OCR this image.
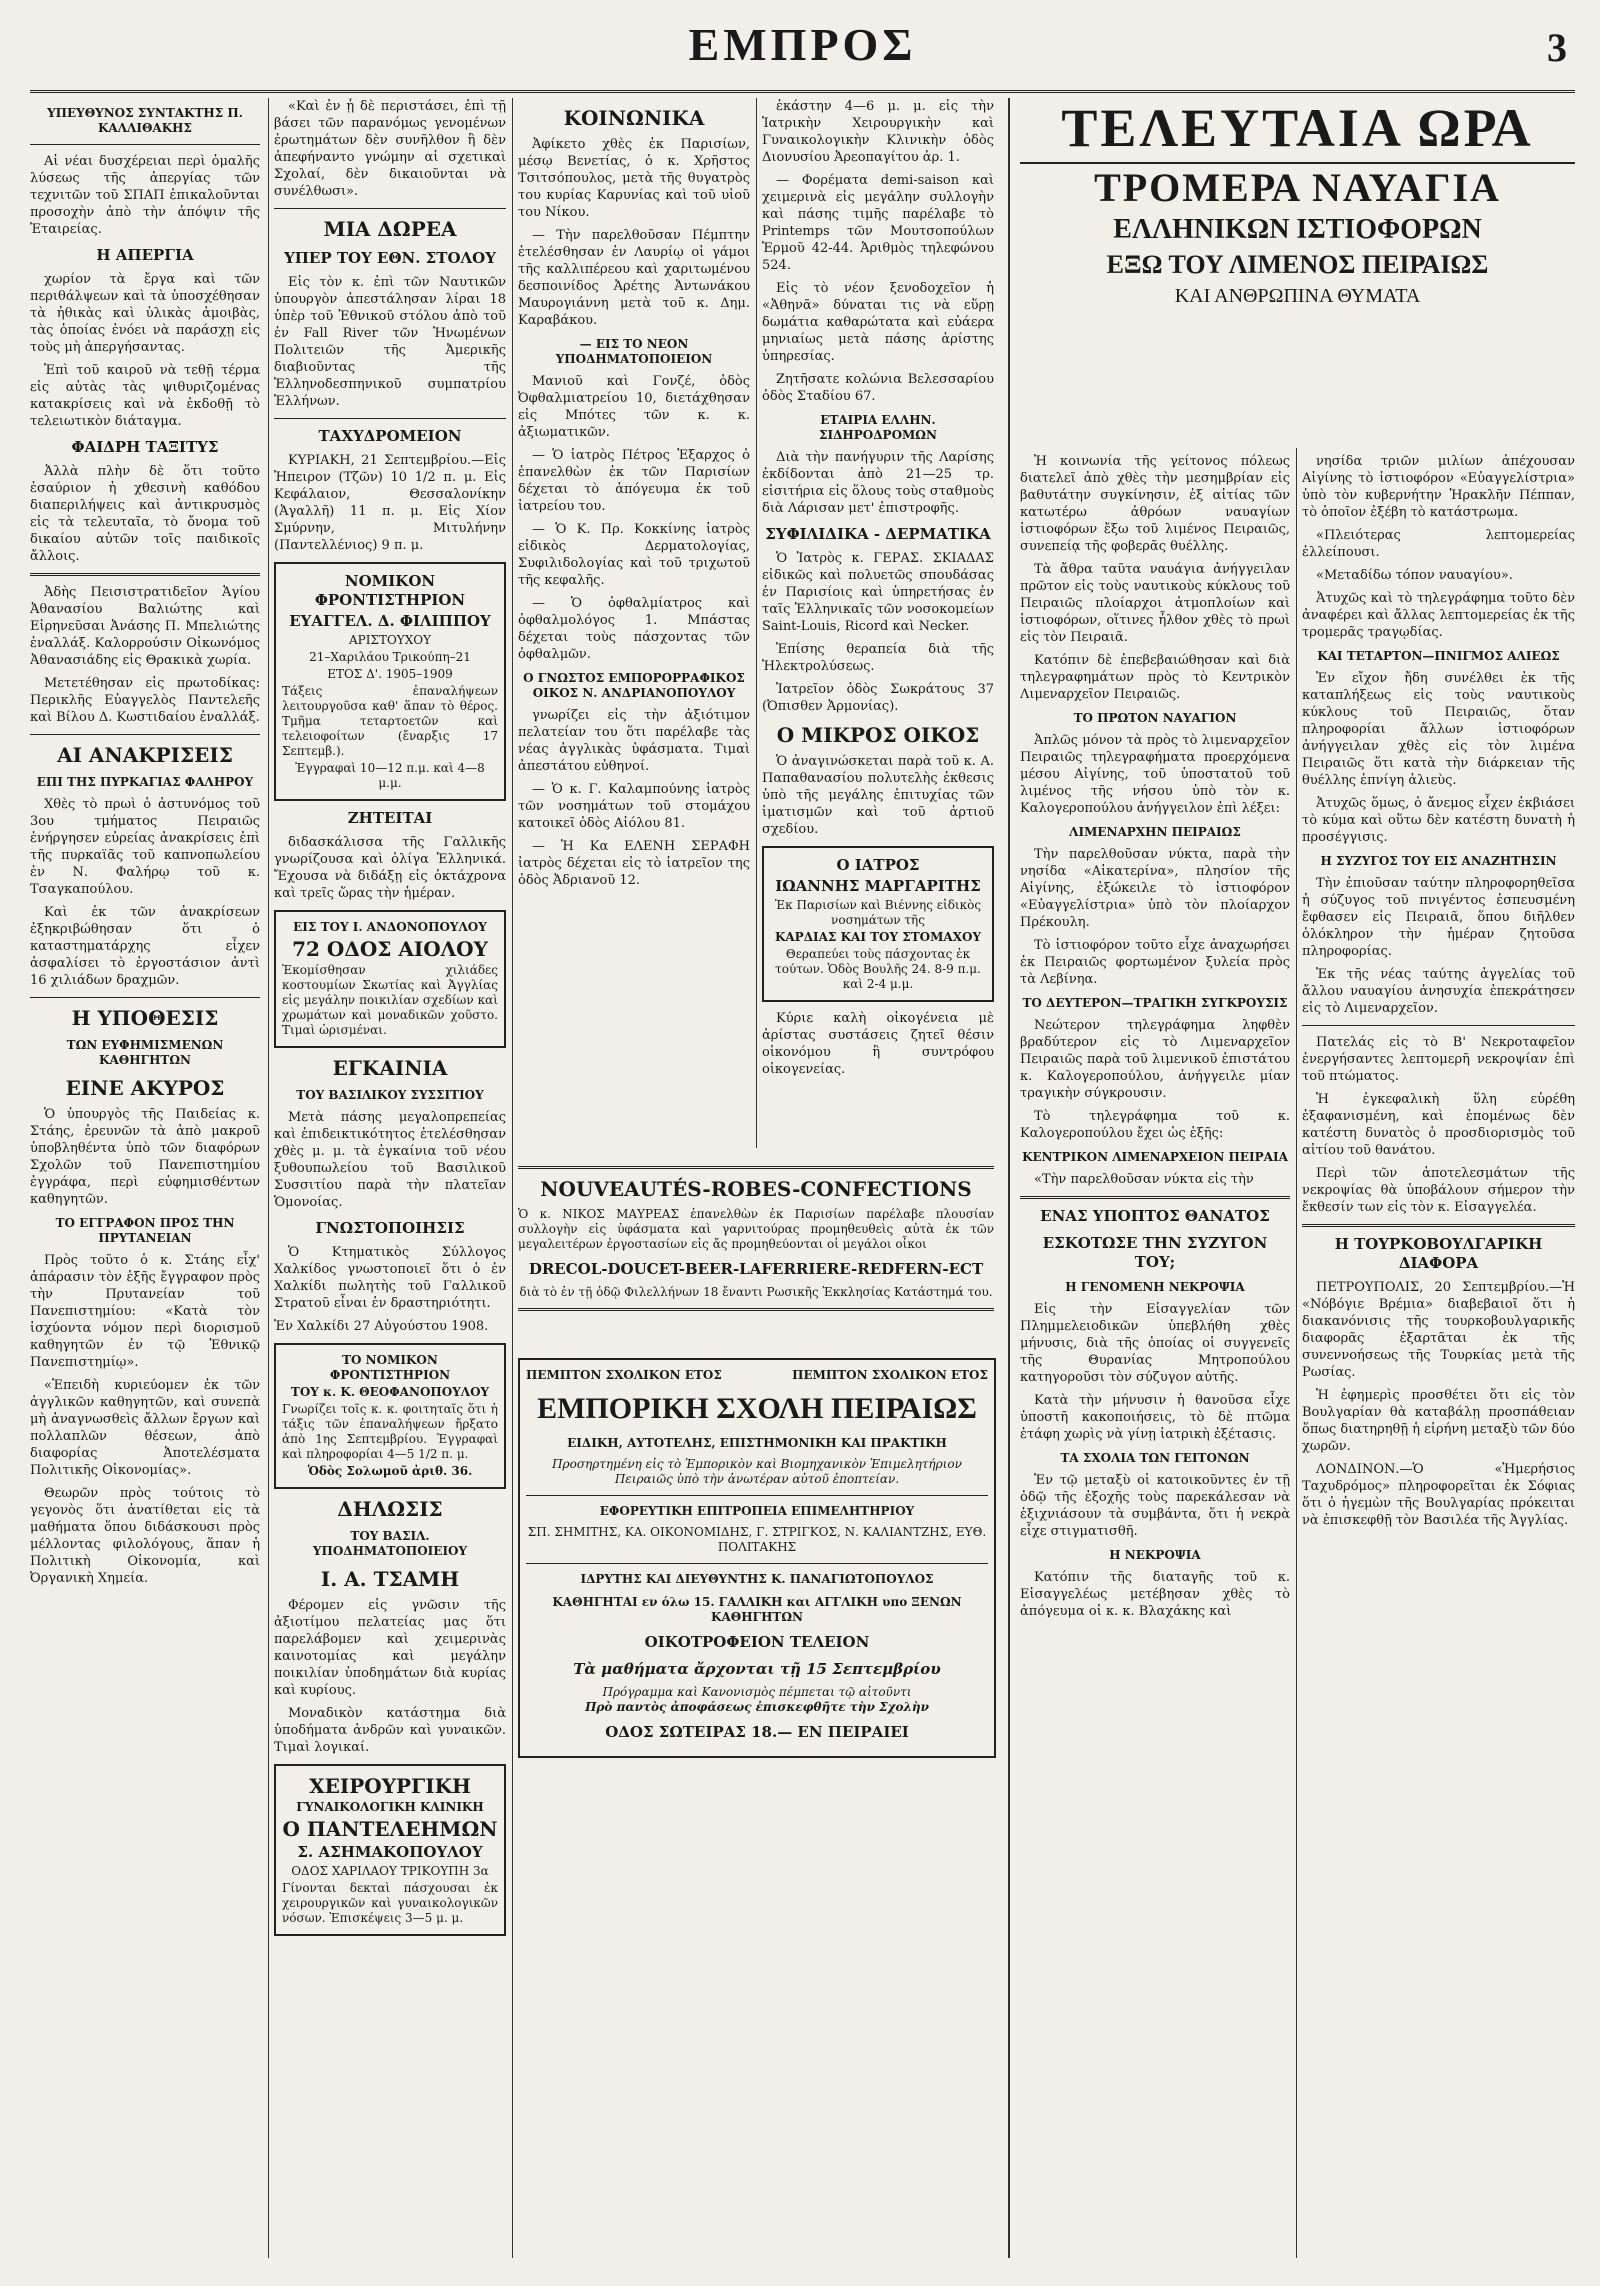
ΕΜΠΡΟΣ	3
ΥΠΕΥΘΥΝΟΣ ΣΥΝΤΑΚΤΗΣ Π. ΚΑΛΛΙΘΑΚΗΣ

Αἱ νέαι δυσχέρειαι περὶ ὁμαλῆς λύσεως τῆς ἀπεργίας τῶν τεχνιτῶν τοῦ ΣΠΑΠ ἐπικαλοῦνται προσοχὴν ἀπὸ τὴν ἀπόψιν τῆς Ἐταιρείας.

Η ΑΠΕΡΓΙΑ

χωρίον τὰ ἔργα καὶ τῶν περιθάλψεων καὶ τὰ ὑποσχέθησαν τὰ ἠθικὰς καὶ ὑλικὰς ἀμοιβὰς, τὰς ὁποίας ἐνόει νὰ παράσχῃ εἰς τοὺς μὴ ἀπεργήσαντας.

Ἐπὶ τοῦ καιροῦ νὰ τεθῇ τέρμα εἰς αὐτὰς τὰς ψιθυριζομένας κατακρίσεις καὶ νὰ ἐκδοθῇ τὸ τελειωτικὸν διάταγμα.

ΦΑΙΔΡΗ ΤΑΞΙΤΥΣ

Ἀλλὰ πλὴν δὲ ὅτι τοῦτο ἐσαύριον ἡ χθεσινὴ καθόδου διαπεριλήψεις καὶ ἀντικρυσμὸς εἰς τὰ τελευταῖα, τὸ ὄνομα τοῦ δικαίου αὐτῶν τοῖς παιδικοῖς ἄλλοις.

Ἀδὴς Πεισιστρατιδεῖον Ἁγίου Ἀθανασίου Βαλιώτης καὶ Εἰρηνεῦσαι Ἀνάσης Π. Μπελιώτης ἐναλλάξ. Καλορρούσιν Οἰκωνόμος Ἀθανασιάδης εἰς Θρακικὰ χωρία.

Μετετέθησαν εἰς πρωτοδίκας: Περικλῆς Εὐαγγελὸς Παντελεῆς καὶ Βίλου Δ. Κωστιδαίου ἐναλλάξ.

ΑΙ ΑΝΑΚΡΙΣΕΙΣ
ΕΠΙ ΤΗΣ ΠΥΡΚΑΓΙΑΣ ΦΑΛΗΡΟΥ

Χθὲς τὸ πρωὶ ὁ ἀστυνόμος τοῦ 3ου τμήματος Πειραιῶς ἐνήργησεν εὐρείας ἀνακρίσεις ἐπὶ τῆς πυρκαϊᾶς τοῦ καπνοπωλείου ἐν Ν. Φαλήρῳ τοῦ κ. Τσαγκαπούλου.

Καὶ ἐκ τῶν ἀνακρίσεων ἐξηκριβώθησαν ὅτι ὁ καταστηματάρχης εἶχεν ἀσφαλίσει τὸ ἐργοστάσιον ἀντὶ 16 χιλιάδων δραχμῶν.

Η ΥΠΟΘΕΣΙΣ
ΤΩΝ ΕΥΦΗΜΙΣΜΕΝΩΝ ΚΑΘΗΓΗΤΩΝ
ΕΙΝΕ ΑΚΥΡΟΣ

Ὁ ὑπουργὸς τῆς Παιδείας κ. Στάης, ἐρευνῶν τὰ ἀπὸ μακροῦ ὑποβληθέντα ὑπὸ τῶν διαφόρων Σχολῶν τοῦ Πανεπιστημίου ἐγγράφα, περὶ εὐφημισθέντων καθηγητῶν.

ΤΟ ΕΓΓΡΑΦΟΝ ΠΡΟΣ ΤΗΝ ΠΡΥΤΑΝΕΙΑΝ

Πρὸς τοῦτο ὁ κ. Στάης εἶχ' ἀπάρασιν τὸν ἑξῆς ἔγγραφον πρὸς τὴν Πρυτανείαν τοῦ Πανεπιστημίου: «Κατὰ τὸν ἰσχύοντα νόμον περὶ διορισμοῦ καθηγητῶν ἐν τῷ Ἐθνικῷ Πανεπιστημίῳ».

«Ἐπειδὴ κυριεύομεν ἐκ τῶν ἀγγλικῶν καθηγητῶν, καὶ συνεπὰ μὴ ἀναγνωσθεὶς ἄλλων ἔργων καὶ πολλαπλῶν θέσεων, ἀπὸ διαφορίας Ἀποτελέσματα Πολιτικῆς Οἰκονομίας».

Θεωρῶν πρὸς τούτοις τὸ γεγονὸς ὅτι ἀνατίθεται εἰς τὰ μαθήματα ὅπου διδάσκουσι πρὸς μέλλοντας φιλολόγους, ἅπαν ἡ Πολιτικὴ Οἰκονομία, καὶ Ὀργανικὴ Χημεία.

«Καὶ ἐν ᾗ δὲ περιστάσει, ἐπὶ τῇ βάσει τῶν παρανόμως γενομένων ἐρωτημάτων δὲν συνῆλθον ἢ δὲν ἀπεφήναντο γνώμην αἱ σχετικαὶ Σχολαί, δὲν δικαιοῦνται νὰ συνέλθωσι».

ΜΙΑ ΔΩΡΕΑ
ΥΠΕΡ ΤΟΥ ΕΘΝ. ΣΤΟΛΟΥ

Εἰς τὸν κ. ἐπὶ τῶν Ναυτικῶν ὑπουργὸν ἀπεστάλησαν λίραι 18 ὑπὲρ τοῦ Ἐθνικοῦ στόλου ἀπὸ τοῦ ἐν Fall River τῶν Ἡνωμένων Πολιτειῶν τῆς Ἀμερικῆς διαβιοῦντας τῆς Ἑλληνοδεσπηνικοῦ συμπατρίου Ἑλλήνων.

ΤΑΧΥΔΡΟΜΕΙΟΝ

ΚΥΡΙΑΚΗ, 21 Σεπτεμβρίου.—Εἰς Ἠπειρον (Τζῶν) 10 1/2 π. μ. Εἰς Κεφάλαιον, Θεσσαλονίκην (Ἀγαλλῆ) 11 π. μ. Εἰς Χίον Σμύρνην, Μιτυλήνην (Παντελλένιος) 9 π. μ.

ΝΟΜΙΚΟΝ ΦΡΟΝΤΙΣΤΗΡΙΟΝ
ΕΥΑΓΓΕΛ. Δ. ΦΙΛΙΠΠΟΥ
ΑΡΙΣΤΟΥΧΟΥ
21–Χαριλάου Τρικούπη–21
ΕΤΟΣ Δ'. 1905–1909
Τάξεις ἐπαναλήψεων λειτουργοῦσα καθ' ἅπαν τὸ θέρος. Τμῆμα τεταρτοετῶν καὶ τελειοφοίτων (ἔναρξις 17 Σεπτεμβ.).
Ἐγγραφαὶ 10—12 π.μ. καὶ 4—8 μ.μ.
ΖΗΤΕΙΤΑΙ

διδασκάλισσα τῆς Γαλλικῆς γνωρίζουσα καὶ ὀλίγα Ἑλληνικά. Ἔχουσα νὰ διδάξῃ εἰς ὀκτάχρονα καὶ τρεῖς ὥρας τὴν ἡμέραν.

ΕΙΣ ΤΟΥ Ι. ΑΝΔΟΝΟΠΟΥΛΟΥ
72 ΟΔΟΣ ΑΙΟΛΟΥ
Ἐκομίσθησαν χιλιάδες κοστουμίων Σκωτίας καὶ Ἀγγλίας εἰς μεγάλην ποικιλίαν σχεδίων καὶ χρωμάτων καὶ μοναδικῶν χοῦστο. Τιμαὶ ὡρισμέναι.
ΕΓΚΑΙΝΙΑ
ΤΟΥ ΒΑΣΙΛΙΚΟΥ ΣΥΣΣΙΤΙΟΥ

Μετὰ πάσης μεγαλοπρεπείας καὶ ἐπιδεικτικότητος ἐτελέσθησαν χθὲς μ. μ. τὰ ἐγκαίνια τοῦ νέου ξυθουπωλείου τοῦ Βασιλικοῦ Συσσιτίου παρὰ τὴν πλατεῖαν Ὁμονοίας.

ΓΝΩΣΤΟΠΟΙΗΣΙΣ

Ὁ Κτηματικὸς Σύλλογος Χαλκίδος γνωστοποιεῖ ὅτι ὁ ἐν Χαλκίδι πωλητὴς τοῦ Γαλλικοῦ Στρατοῦ εἶναι ἐν δραστηριότητι.

Ἐν Χαλκίδι 27 Αὐγούστου 1908.

ΤΟ ΝΟΜΙΚΟΝ ΦΡΟΝΤΙΣΤΗΡΙΟΝ
ΤΟΥ κ. Κ. ΘΕΟΦΑΝΟΠΟΥΛΟΥ
Γνωρίζει τοῖς κ. κ. φοιτηταῖς ὅτι ἡ τάξις τῶν ἐπαναλήψεων ἤρξατο ἀπὸ 1ης Σεπτεμβρίου. Ἐγγραφαὶ καὶ πληροφορίαι 4—5 1/2 π. μ.
Ὁδὸς Σολωμοῦ ἀριθ. 36.
ΔΗΛΩΣΙΣ
ΤΟΥ ΒΑΣΙΛ. ΥΠΟΔΗΜΑΤΟΠΟΙΕΙΟΥ
Ι. Α. ΤΣΑΜΗ

Φέρομεν εἰς γνῶσιν τῆς ἀξιοτίμου πελατείας μας ὅτι παρελάβομεν καὶ χειμερινὰς καινοτομίας καὶ μεγάλην ποικιλίαν ὑποδημάτων διὰ κυρίας καὶ κυρίους.

Μοναδικὸν κατάστημα διὰ ὑποδήματα ἀνδρῶν καὶ γυναικῶν. Τιμαὶ λογικαί.

ΧΕΙΡΟΥΡΓΙΚΗ
ΓΥΝΑΙΚΟΛΟΓΙΚΗ ΚΛΙΝΙΚΗ
Ο ΠΑΝΤΕΛΕΗΜΩΝ
Σ. ΑΣΗΜΑΚΟΠΟΥΛΟΥ
ΟΔΟΣ ΧΑΡΙΛΑΟΥ ΤΡΙΚΟΥΠΗ 3α
Γίνονται δεκταὶ πάσχουσαι ἐκ χειρουργικῶν καὶ γυναικολογικῶν νόσων. Ἐπισκέψεις 3—5 μ. μ.
ΚΟΙΝΩΝΙΚΑ

Ἀφίκετο χθὲς ἐκ Παρισίων, μέσῳ Βενετίας, ὁ κ. Χρῆστος Τσιτσόπουλος, μετὰ τῆς θυγατρὸς του κυρίας Καρυνίας καὶ τοῦ υἱοῦ του Νίκου.

— Τὴν παρελθοῦσαν Πέμπτην ἐτελέσθησαν ἐν Λαυρίῳ οἱ γάμοι τῆς καλλιπέρεου καὶ χαριτωμένου δεσποινίδος Ἀρέτης Ἀντωνάκου Μαυρογιάννη μετὰ τοῦ κ. Δημ. Καραβάκου.

— ΕΙΣ ΤΟ ΝΕΟΝ ΥΠΟΔΗΜΑΤΟΠΟΙΕΙΟΝ

Μανιοῦ καὶ Γονζέ, ὁδὸς Ὀφθαλμιατρείου 10, διετάχθησαν εἰς Μπότες τῶν κ. κ. ἀξιωματικῶν.

— Ὁ ἰατρὸς Πέτρος Ἐξαρχος ὁ ἐπανελθὼν ἐκ τῶν Παρισίων δέχεται τὸ ἀπόγευμα ἐκ τοῦ ἰατρείου του.

— Ὁ Κ. Πρ. Κοκκίνης ἰατρὸς εἰδικὸς Δερματολογίας, Συφιλιδολογίας καὶ τοῦ τριχωτοῦ τῆς κεφαλῆς.

— Ὁ ὀφθαλμίατρος καὶ ὀφθαλμολόγος 1. Μπάστας δέχεται τοὺς πάσχοντας τῶν ὀφθαλμῶν.

Ο ΓΝΩΣΤΟΣ ΕΜΠΟΡΟΡΡΑΦΙΚΟΣ ΟΙΚΟΣ Ν. ΑΝΔΡΙΑΝΟΠΟΥΛΟΥ

γνωρίζει εἰς τὴν ἀξιότιμον πελατείαν του ὅτι παρέλαβε τὰς νέας ἀγγλικὰς ὑφάσματα. Τιμαὶ ἀπεστάτου εὐθηνοί.

— Ὁ κ. Γ. Καλαμπούνης ἰατρὸς τῶν νοσημάτων τοῦ στομάχου κατοικεῖ ὁδὸς Αἰόλου 81.

— Ἡ Κα ΕΛΕΝΗ ΣΕΡΑΦΗ ἰατρὸς δέχεται εἰς τὸ ἰατρεῖον της ὁδὸς Ἀδριανοῦ 12.

ἐκάστην 4—6 μ. μ. εἰς τὴν Ἱατρικὴν Χειρουργικὴν καὶ Γυναικολογικὴν Κλινικὴν ὁδὸς Διονυσίου Ἀρεοπαγίτου ἀρ. 1.

— Φορέματα demi-saison καὶ χειμερινὰ εἰς μεγάλην συλλογὴν καὶ πάσης τιμῆς παρέλαβε τὸ Printemps τῶν Μουτσοπούλων Ἑρμοῦ 42-44. Ἀριθμὸς τηλεφώνου 524.

Εἰς τὸ νέον ξενοδοχεῖον ἡ «Ἀθηνᾶ» δύναται τις νὰ εὕρῃ δωμάτια καθαρώτατα καὶ εὐάερα μηνιαίως μετὰ πάσης ἀρίστης ὑπηρεσίας.

Ζητῆσατε κολώνια Βελεσσαρίου ὁδὸς Σταδίου 67.

ΕΤΑΙΡΙΑ ΕΛΛΗΝ. ΣΙΔΗΡΟΔΡΟΜΩΝ

Διὰ τὴν πανήγυριν τῆς Λαρίσης ἐκδίδονται ἀπὸ 21—25 τρ. εἰσιτήρια εἰς ὅλους τοὺς σταθμοὺς διὰ Λάρισαν μετ' ἐπιστροφῆς.

ΣΥΦΙΛΙΔΙΚΑ - ΔΕΡΜΑΤΙΚΑ

Ὁ Ἰατρὸς κ. ΓΕΡΑΣ. ΣΚΙΑΔΑΣ εἰδικῶς καὶ πολυετῶς σπουδάσας ἐν Παρισίοις καὶ ὑπηρετήσας ἐν ταῖς Ἑλληνικαῖς τῶν νοσοκομείων Saint-Louis, Ricord καὶ Necker.

Ἐπίσης θεραπεία διὰ τῆς Ἠλεκτρολύσεως.

Ἰατρεῖον ὁδὸς Σωκράτους 37 (Ὀπισθεν Ἀρμονίας).

Ο ΜΙΚΡΟΣ ΟΙΚΟΣ

Ὁ ἀναγινώσκεται παρὰ τοῦ κ. Α. Παπαθανασίου πολυτελὴς ἐκθεσις ὑπὸ τῆς μεγάλης ἐπιτυχίας τῶν ἱματισμῶν καὶ τοῦ ἀρτιοῦ σχεδίου.

Ο ΙΑΤΡΟΣ
ΙΩΑΝΝΗΣ ΜΑΡΓΑΡΙΤΗΣ
Ἐκ Παρισίων καὶ Βιέννης εἰδικὸς νοσημάτων τῆς
ΚΑΡΔΙΑΣ ΚΑΙ ΤΟΥ ΣΤΟΜΑΧΟΥ
Θεραπεύει τοὺς πάσχοντας ἐκ τούτων. Ὁδὸς Βουλῆς 24. 8-9 π.μ. καὶ 2-4 μ.μ.

Κύριε καλὴ οἰκογένεια μὲ ἀρίστας συστάσεις ζητεῖ θέσιν οἰκονόμου ἢ συντρόφου οἰκογενείας.

NOUVEAUTÉS-ROBES-CONFECTIONS

Ὁ κ. ΝΙΚΟΣ ΜΑΥΡΕΑΣ ἐπανελθὼν ἐκ Παρισίων παρέλαβε πλουσίαν συλλογὴν εἰς ὑφάσματα καὶ γαρνιτούρας προμηθευθεὶς αὐτὰ ἐκ τῶν μεγαλειτέρων ἐργοστασίων εἰς ἄς προμηθεύονται οἱ μεγάλοι οἶκοι

DRECOL-DOUCET-BEER-LAFERRIERE-REDFERN-ECT

διὰ τὸ ἐν τῇ ὁδῷ Φιλελλήνων 18 ἔναντι Ρωσικῆς Ἐκκλησίας Κατάστημά του.

ΠΕΜΠΤΟΝ ΣΧΟΛΙΚΟΝ ΕΤΟΣ	ΠΕΜΠΤΟΝ ΣΧΟΛΙΚΟΝ ΕΤΟΣ
ΕΜΠΟΡΙΚΗ ΣΧΟΛΗ ΠΕΙΡΑΙΩΣ
ΕΙΔΙΚΗ, ΑΥΤΟΤΕΛΗΣ, ΕΠΙΣΤΗΜΟΝΙΚΗ ΚΑΙ ΠΡΑΚΤΙΚΗ
Προσηρτημένη εἰς τὸ Ἐμπορικὸν καὶ Βιομηχανικὸν Ἐπιμελητήριον Πειραιῶς ὑπὸ τὴν ἀνωτέραν αὐτοῦ ἐποπτείαν.
ΕΦΟΡΕΥΤΙΚΗ ΕΠΙΤΡΟΠΕΙΑ ΕΠΙΜΕΛΗΤΗΡΙΟΥ
ΣΠ. ΣΗΜΙΤΗΣ, ΚΑ. ΟΙΚΟΝΟΜΙΔΗΣ, Γ. ΣΤΡΙΓΚΟΣ, Ν. ΚΑΛΙΑΝΤΖΗΣ, ΕΥΘ. ΠΟΛΙΤΑΚΗΣ
ΙΔΡΥΤΗΣ ΚΑΙ ΔΙΕΥΘΥΝΤΗΣ Κ. ΠΑΝΑΓΙΩΤΟΠΟΥΛΟΣ
ΚΑΘΗΓΗΤΑΙ εν όλω 15. ΓΑΛΛΙΚΗ και ΑΓΓΛΙΚΗ υπο ΞΕΝΩΝ ΚΑΘΗΓΗΤΩΝ
ΟΙΚΟΤΡΟΦΕΙΟΝ ΤΕΛΕΙΟΝ
Τὰ μαθήματα ἄρχονται τῇ 15 Σεπτεμβρίου
Πρόγραμμα καὶ Κανονισμὸς πέμπεται τῷ αἰτοῦντι
Πρὸ παντὸς ἀποφάσεως ἐπισκεφθῆτε τὴν Σχολὴν
ΟΔΟΣ ΣΩΤΕΙΡΑΣ 18.— ΕΝ ΠΕΙΡΑΙΕΙ
ΤΕΛΕΥΤΑΙΑ ΩΡΑ
ΤΡΟΜΕΡΑ ΝΑΥΑΓΙΑ
ΕΛΛΗΝΙΚΩΝ ΙΣΤΙΟΦΟΡΩΝ
ΕΞΩ ΤΟΥ ΛΙΜΕΝΟΣ ΠΕΙΡΑΙΩΣ
ΚΑΙ ΑΝΘΡΩΠΙΝΑ ΘΥΜΑΤΑ

Ἡ κοινωνία τῆς γείτονος πόλεως διατελεῖ ἀπὸ χθὲς τὴν μεσημβρίαν εἰς βαθυτάτην συγκίνησιν, ἐξ αἰτίας τῶν κατωτέρω ἀθρόων ναυαγίων ἱστιοφόρων ἔξω τοῦ λιμένος Πειραιῶς, συνεπείᾳ τῆς φοβερᾶς θυέλλης.

Τὰ ἄθρα ταῦτα ναυάγια ἀνήγγειλαν πρῶτον εἰς τοὺς ναυτικοὺς κύκλους τοῦ Πειραιῶς πλοίαρχοι ἀτμοπλοίων καὶ ἱστιοφόρων, οἵτινες ἦλθον χθὲς τὸ πρωὶ εἰς τὸν Πειραιᾶ.

Κατόπιν δὲ ἐπεβεβαιώθησαν καὶ διὰ τηλεγραφημάτων πρὸς τὸ Κεντρικὸν Λιμεναρχεῖον Πειραιῶς.

ΤΟ ΠΡΩΤΟΝ ΝΑΥΑΓΙΟΝ

Ἀπλῶς μόνον τὰ πρὸς τὸ λιμεναρχεῖον Πειραιῶς τηλεγραφήματα προερχόμενα μέσου Αἰγίνης, τοῦ ὑποστατοῦ τοῦ λιμένος τῆς νήσου ὑπὸ τὸν κ. Καλογεροπούλου ἀνήγγειλον ἐπὶ λέξει:

ΛΙΜΕΝΑΡΧΗΝ ΠΕΙΡΑΙΩΣ

Τὴν παρελθοῦσαν νύκτα, παρὰ τὴν νησίδα «Αἰκατερίνα», πλησίον τῆς Αἰγίνης, ἐξώκειλε τὸ ἱστιοφόρον «Εὐαγγελίστρια» ὑπὸ τὸν πλοίαρχον Πρέκουλη.

Τὸ ἱστιοφόρον τοῦτο εἶχε ἀναχωρήσει ἐκ Πειραιῶς φορτωμένον ξυλεία πρὸς τὰ Λεβίνηα.

ΤΟ ΔΕΥΤΕΡΟΝ—ΤΡΑΓΙΚΗ ΣΥΓΚΡΟΥΣΙΣ

Νεώτερον τηλεγράφημα ληφθὲν βραδύτερον εἰς τὸ Λιμεναρχεῖον Πειραιῶς παρὰ τοῦ λιμενικοῦ ἐπιστάτου κ. Καλογεροπούλου, ἀνήγγειλε μίαν τραγικὴν σύγκρουσιν.

Τὸ τηλεγράφημα τοῦ κ. Καλογεροπούλου ἔχει ὡς ἑξῆς:

ΚΕΝΤΡΙΚΟΝ ΛΙΜΕΝΑΡΧΕΙΟΝ ΠΕΙΡΑΙΑ

«Τὴν παρελθοῦσαν νύκτα εἰς τὴν

ΕΝΑΣ ΥΠΟΠΤΟΣ ΘΑΝΑΤΟΣ
ΕΣΚΟΤΩΣΕ ΤΗΝ ΣΥΖΥΓΟΝ ΤΟΥ;
Η ΓΕΝΟΜΕΝΗ ΝΕΚΡΟΨΙΑ

Εἰς τὴν Εἰσαγγελίαν τῶν Πλημμελειοδικῶν ὑπεβλήθη χθὲς μήνυσις, διὰ τῆς ὁποίας οἱ συγγενεῖς τῆς Θυρανίας Μητροπούλου κατηγοροῦσι τὸν σύζυγον αὐτῆς.

Κατὰ τὴν μήνυσιν ἡ θανοῦσα εἶχε ὑποστῆ κακοποιήσεις, τὸ δὲ πτῶμα ἐτάφη χωρὶς νὰ γίνῃ ἰατρικὴ ἐξέτασις.

ΤΑ ΣΧΟΛΙΑ ΤΩΝ ΓΕΙΤΟΝΩΝ

Ἐν τῷ μεταξὺ οἱ κατοικοῦντες ἐν τῇ ὁδῷ τῆς ἐξοχῆς τοὺς παρεκάλεσαν νὰ ἐξιχνιάσουν τὰ συμβάντα, ὅτι ἡ νεκρὰ εἶχε στιγματισθῆ.

Η ΝΕΚΡΟΨΙΑ

Κατόπιν τῆς διαταγῆς τοῦ κ. Εἰσαγγελέως μετέβησαν χθὲς τὸ ἀπόγευμα οἱ κ. κ. Βλαχάκης καὶ

νησίδα τριῶν μιλίων ἀπέχουσαν Αἰγίνης τὸ ἱστιοφόρον «Εὐαγγελίστρια» ὑπὸ τὸν κυβερνήτην Ἡρακλῆν Πέππαν, τὸ ὁποῖον ἐξέβη τὸ κατάστρωμα.

«Πλειότερας λεπτομερείας ἐλλείπουσι.

«Μεταδίδω τόπον ναυαγίου».

Ἀτυχῶς καὶ τὸ τηλεγράφημα τοῦτο δὲν ἀναφέρει καὶ ἄλλας λεπτομερείας ἐκ τῆς τρομερᾶς τραγῳδίας.

ΚΑΙ ΤΕΤΑΡΤΟΝ—ΠΝΙΓΜΟΣ ΑΛΙΕΩΣ

Ἐν εἴχον ἤδη συνέλθει ἐκ τῆς καταπλήξεως εἰς τοὺς ναυτικοὺς κύκλους τοῦ Πειραιῶς, ὅταν πληροφορίαι ἄλλων ἱστιοφόρων ἀνήγγειλαν χθὲς εἰς τὸν λιμένα Πειραιῶς ὅτι κατὰ τὴν διάρκειαν τῆς θυέλλης ἐπνίγη ἁλιεὺς.

Ἀτυχῶς ὅμως, ὁ ἄνεμος εἶχεν ἐκβιάσει τὸ κύμα καὶ οὕτω δὲν κατέστη δυνατὴ ἡ προσέγγισις.

Η ΣΥΖΥΓΟΣ ΤΟΥ ΕΙΣ ΑΝΑΖΗΤΗΣΙΝ

Τὴν ἐπιοῦσαν ταύτην πληροφορηθεῖσα ἡ σύζυγος τοῦ πνιγέντος ἐσπευσμένη ἔφθασεν εἰς Πειραιᾶ, ὅπου διῆλθεν ὁλόκληρον τὴν ἡμέραν ζητοῦσα πληροφορίας.

Ἐκ τῆς νέας ταύτης ἀγγελίας τοῦ ἄλλου ναυαγίου ἀνησυχία ἐπεκράτησεν εἰς τὸ Λιμεναρχεῖον.

Πατελάς εἰς τὸ Β' Νεκροταφεῖον ἐνεργήσαντες λεπτομερῆ νεκροψίαν ἐπὶ τοῦ πτώματος.

Ἡ ἐγκεφαλικὴ ὕλη εὑρέθη ἐξαφανισμένη, καὶ ἐπομένως δὲν κατέστη δυνατὸς ὁ προσδιορισμὸς τοῦ αἰτίου τοῦ θανάτου.

Περὶ τῶν ἀποτελεσμάτων τῆς νεκροψίας θὰ ὑποβάλουν σήμερον τὴν ἔκθεσίν των εἰς τὸν κ. Εἰσαγγελέα.

Η ΤΟΥΡΚΟΒΟΥΛΓΑΡΙΚΗ ΔΙΑΦΟΡΑ

ΠΕΤΡΟΥΠΟΛΙΣ, 20 Σεπτεμβρίου.—Ἡ «Νόβόγιε Βρέμια» διαβεβαιοῖ ὅτι ἡ διακανόνισις τῆς τουρκοβουλγαρικῆς διαφορᾶς ἐξαρτᾶται ἐκ τῆς συνεννοήσεως τῆς Τουρκίας μετὰ τῆς Ρωσίας.

Ἡ ἐφημερὶς προσθέτει ὅτι εἰς τὸν Βουλγαρίαν θὰ καταβάλῃ προσπάθειαν ὅπως διατηρηθῇ ἡ εἰρήνη μεταξὺ τῶν δύο χωρῶν.

ΛΟΝΔΙΝΟΝ.—Ὁ «Ἡμερήσιος Ταχυδρόμος» πληροφορεῖται ἐκ Σόφιας ὅτι ὁ ἡγεμὼν τῆς Βουλγαρίας πρόκειται νὰ ἐπισκεφθῇ τὸν Βασιλέα τῆς Ἀγγλίας.
